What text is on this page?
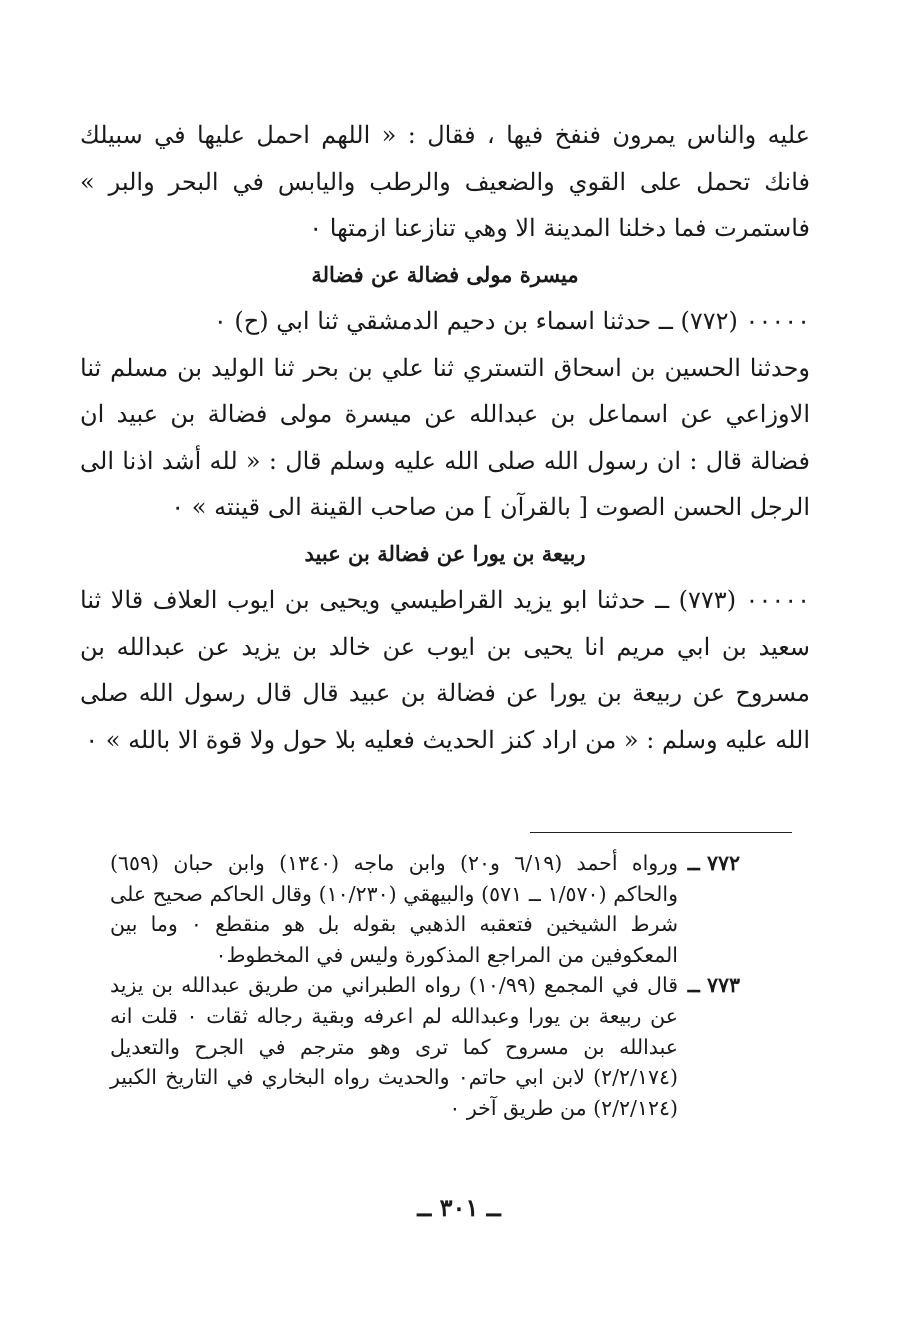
عليه والناس يمرون فنفخ فيها ، فقال : « اللهم احمل عليها في سبيلك فانك تحمل على القوي والضعيف والرطب واليابس في البحر والبر » فاستمرت فما دخلنا المدينة الا وهي تنازعنا ازمتها ٠

ميسرة مولى فضالة عن فضالة

٠٠٠٠٠ (٧٧٢) ــ حدثنا اسماء بن دحيم الدمشقي ثنا ابي (ح) ٠

وحدثنا الحسين بن اسحاق التستري ثنا علي بن بحر ثنا الوليد بن مسلم ثنا الاوزاعي عن اسماعل بن عبدالله عن ميسرة مولى فضالة بن عبيد ان فضالة قال : ان رسول الله صلى الله عليه وسلم قال : « لله أشد اذنا الى الرجل الحسن الصوت [ بالقرآن ] من صاحب القينة الى قينته » ٠

ربيعة بن يورا عن فضالة بن عبيد

٠٠٠٠٠ (٧٧٣) ــ حدثنا ابو يزيد القراطيسي ويحيى بن ايوب العلاف قالا ثنا سعيد بن ابي مريم انا يحيى بن ايوب عن خالد بن يزيد عن عبدالله بن مسروح عن ربيعة بن يورا عن فضالة بن عبيد قال قال رسول الله صلى الله عليه وسلم : « من اراد كنز الحديث فعليه بلا حول ولا قوة الا بالله » ٠

٧٧٢ ــ
ورواه أحمد (٦/١٩ و٢٠) وابن ماجه (١٣٤٠) وابن حبان (٦٥٩) والحاكم (١/٥٧٠ ــ ٥٧١) والبيهقي (١٠/٢٣٠) وقال الحاكم صحيح على شرط الشيخين فتعقبه الذهبي بقوله بل هو منقطع ٠ وما بين المعكوفين من المراجع المذكورة وليس في المخطوط٠
٧٧٣ ــ
قال في المجمع (١٠/٩٩) رواه الطبراني من طريق عبدالله بن يزيد عن ربيعة بن يورا وعبدالله لم اعرفه وبقية رجاله ثقات ٠ قلت انه عبدالله بن مسروح كما ترى وهو مترجم في الجرح والتعديل (٢/٢/١٧٤) لابن ابي حاتم٠ والحديث رواه البخاري في التاريخ الكبير (٢/٢/١٢٤) من طريق آخر ٠
ــ ٣٠١ ــ
